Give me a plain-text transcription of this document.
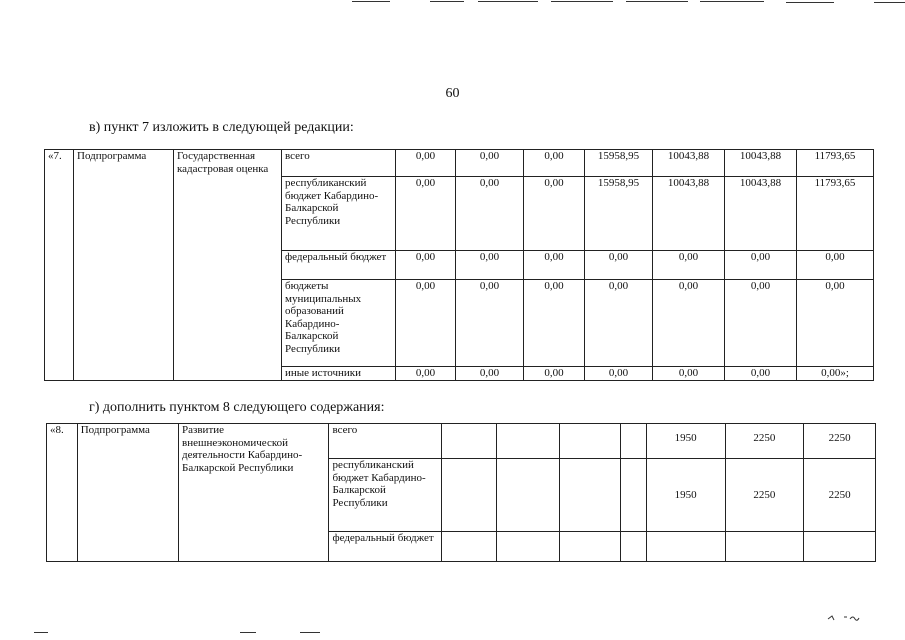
60
в) пункт 7 изложить в следующей редакции:
«7.	Подпрограмма	Государственная кадастровая оценка	всего	0,00	0,00	0,00	15958,95	10043,88	10043,88	11793,65
			республиканский бюджет Кабардино-Балкарской Республики	0,00	0,00	0,00	15958,95	10043,88	10043,88	11793,65
			федеральный бюджет	0,00	0,00	0,00	0,00	0,00	0,00	0,00
			бюджеты муниципальных образований Кабардино-Балкарской Республики	0,00	0,00	0,00	0,00	0,00	0,00	0,00
			иные источники	0,00	0,00	0,00	0,00	0,00	0,00	0,00»;
г) дополнить пунктом 8 следующего содержания:
«8.	Подпрограмма	Развитие внешнеэкономической деятельности Кабардино-Балкарской Республики	всего					1950	2250	2250
			республиканский бюджет Кабардино-Балкарской Республики					1950	2250	2250
			федеральный бюджет							
